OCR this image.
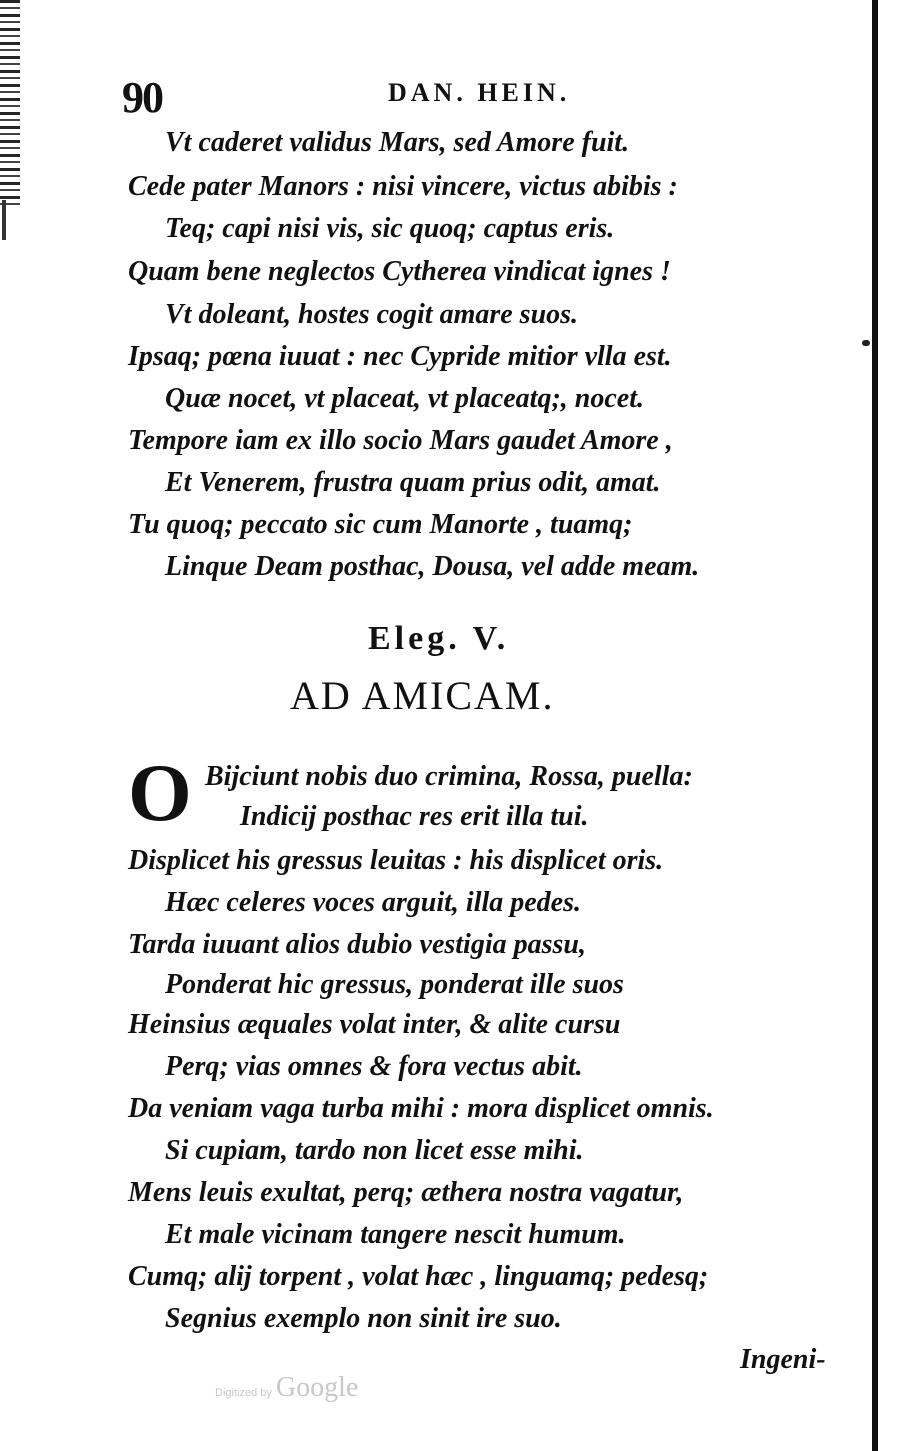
90	DAN. HEIN.
Vt caderet validus Mars, sed Amore fuit.
Cede pater Manors : nisi vincere, victus abibis :
Teq; capi nisi vis, sic quoq; captus eris.
Quam bene neglectos Cytherea vindicat ignes !
Vt doleant, hostes cogit amare suos.
Ipsaq; pœna iuuat : nec Cypride mitior vlla est.
Quæ nocet, vt placeat, vt placeatq;, nocet.
Tempore iam ex illo socio Mars gaudet Amore ,
Et Venerem, frustra quam prius odit, amat.
Tu quoq; peccato sic cum Manorte , tuamq;
Linque Deam posthac, Dousa, vel adde meam.
Eleg. V.
AD AMICAM.
O Bijciunt nobis duo crimina, Rossa, puella:
Indicij posthac res erit illa tui.
Displicet his gressus leuitas : his displicet oris.
Hæc celeres voces arguit, illa pedes.
Tarda iuuant alios dubio vestigia passu,
Ponderat hic gressus, ponderat ille suos
Heinsius æquales volat inter, & alite cursu
Perq; vias omnes & fora vectus abit.
Da veniam vaga turba mihi : mora displicet omnis.
Si cupiam, tardo non licet esse mihi.
Mens leuis exultat, perq; æthera nostra vagatur,
Et male vicinam tangere nescit humum.
Cumq; alij torpent , volat hæc , linguamq; pedesq;
Segnius exemplo non sinit ire suo.
Ingeni-
Digitized by Google
